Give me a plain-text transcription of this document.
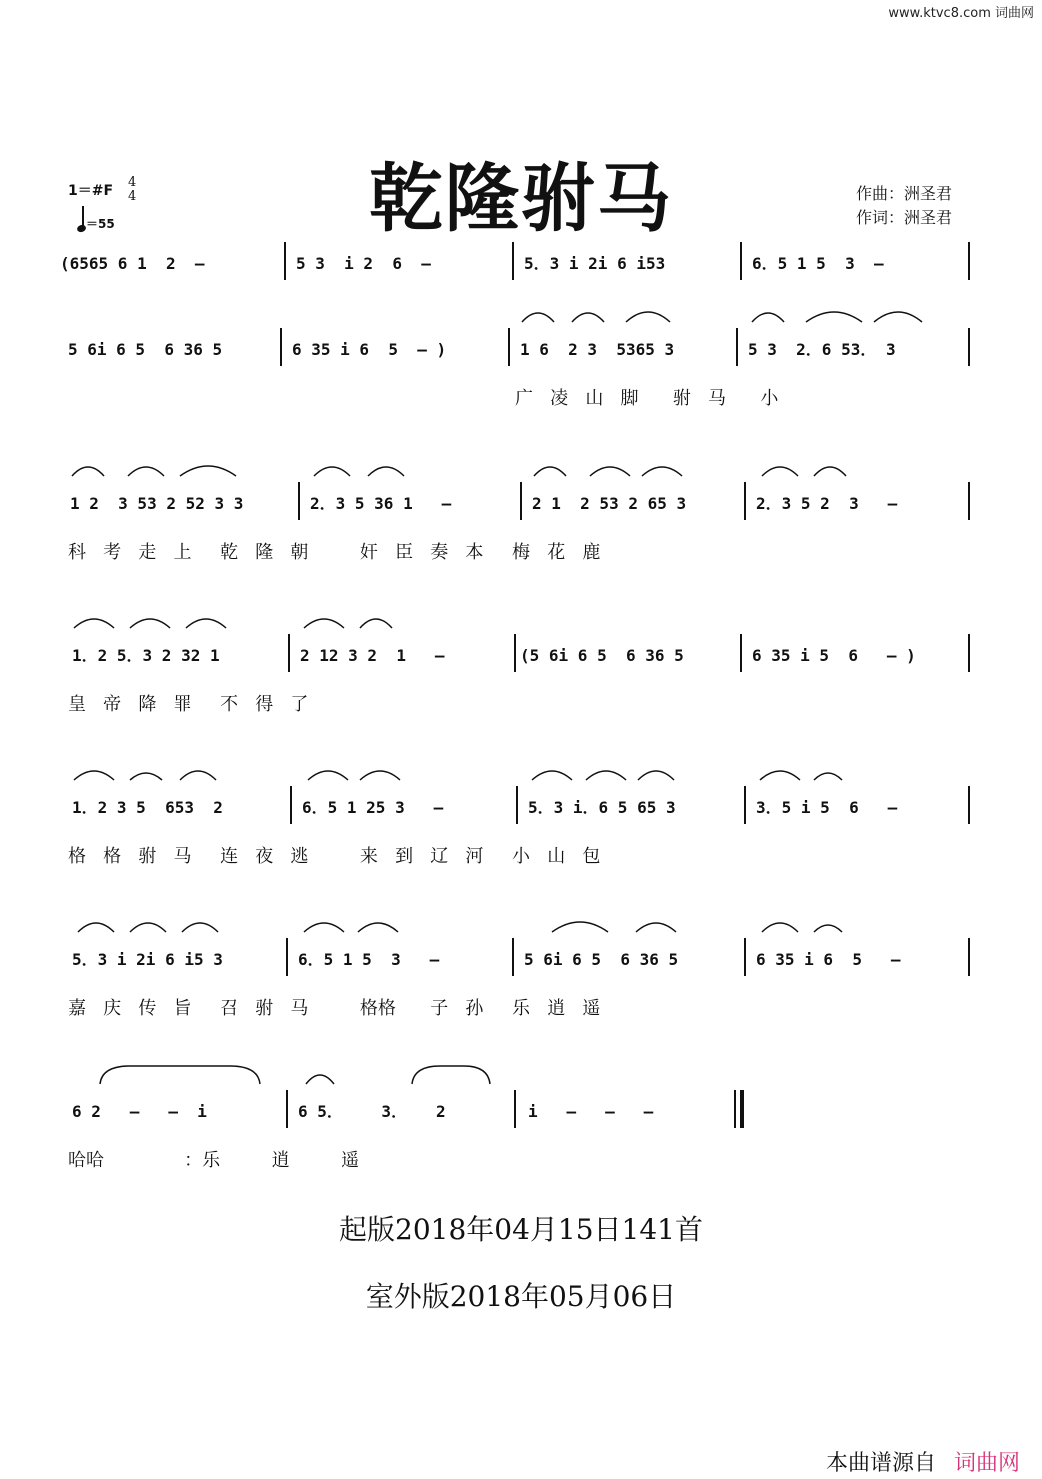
www.ktvc8.com 词曲网
1＝#F
4
4
＝55	乾隆驸马	作曲：洲圣君
作词：洲圣君
(6565 6 1  2  –	5 3  i 2  6  –	5．3 i 2i 6 i53	6．5 1 5  3  –
5 6i 6 5  6 36 5	6 35 i 6  5  – )	1 6  2 3  5365 3	5 3  2．6 53． 3
广   凌   山   脚      驸   马      小
1 2  3 53 2 52 3 3	2．3 5 36 1   –	2 1  2 53 2 65 3	2．3 5 2  3   –
科   考   走   上     乾   隆   朝         奸   臣   奏   本     梅   花   鹿
1．2 5．3 2 32 1	2 12 3 2  1   –	(5 6i 6 5  6 36 5	6 35 i 5  6   – )
皇   帝   降   罪     不   得   了
1．2 3 5  653  2	6．5 1 25 3   –	5．3 i．6 5 65 3	3．5 i 5  6   –
格   格   驸   马     连   夜   逃         来   到   辽   河     小   山   包
5．3 i 2i 6 i5 3	6．5 1 5  3   –	5 6i 6 5  6 36 5	6 35 i 6  5   –
嘉   庆   传   旨     召   驸   马         格格      子   孙     乐   逍   遥
6 2   –   –  i	6 5．    3．   2	i   –   –   –
哈哈              ：乐         逍         遥
起版2018年04月15日141首
室外版2018年05月06日
本曲谱源自 词曲网
